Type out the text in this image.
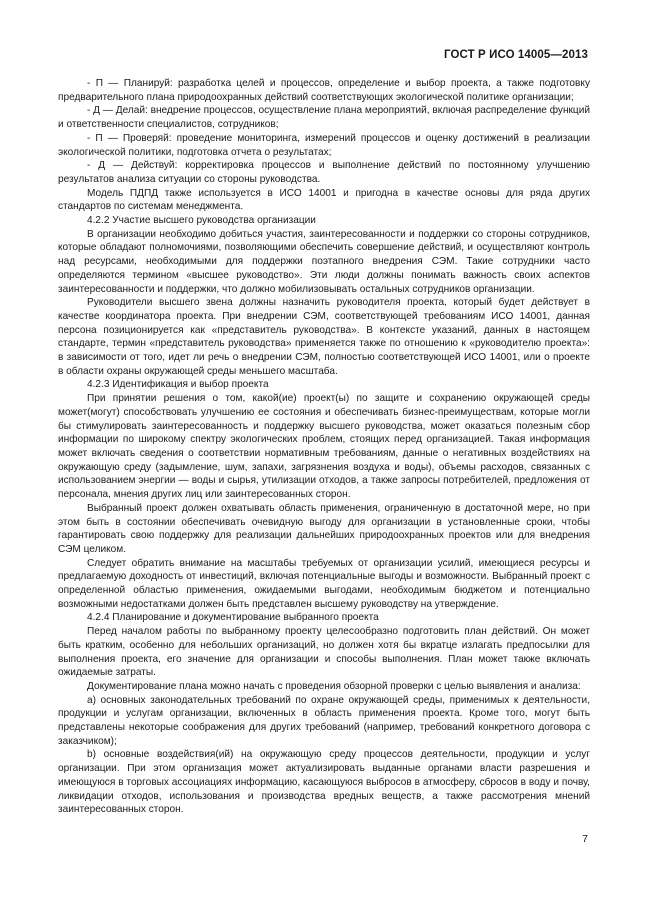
ГОСТ Р ИСО 14005—2013

- П — Планируй: разработка целей и процессов, определение и выбор проекта, а также подготовку предварительного плана природоохранных действий соответствующих экологической политике организации;

- Д — Делай: внедрение процессов, осуществление плана мероприятий, включая распределение функций и ответственности специалистов, сотрудников;

- П — Проверяй: проведение мониторинга, измерений процессов и оценку достижений в реализации экологической политики, подготовка отчета о результатах;

- Д — Действуй: корректировка процессов и выполнение действий по постоянному улучшению результатов анализа ситуации со стороны руководства.

Модель ПДПД также используется в ИСО 14001 и пригодна в качестве основы для ряда других стандартов по системам менеджмента.

4.2.2 Участие высшего руководства организации

В организации необходимо добиться участия, заинтересованности и поддержки со стороны сотрудников, которые обладают полномочиями, позволяющими обеспечить совершение действий, и осуществляют контроль над ресурсами, необходимыми для поддержки поэтапного внедрения СЭМ. Такие сотрудники часто определяются термином «высшее руководство». Эти люди должны понимать важность своих аспектов заинтересованности и поддержки, что должно мобилизовывать остальных сотрудников организации.

Руководители высшего звена должны назначить руководителя проекта, который будет действует в качестве координатора проекта. При внедрении СЭМ, соответствующей требованиям ИСО 14001, данная персона позиционируется как «представитель руководства». В контексте указаний, данных в настоящем стандарте, термин «представитель руководства» применяется также по отношению к «руководителю проекта»: в зависимости от того, идет ли речь о внедрении СЭМ, полностью соответствующей ИСО 14001, или о проекте в области охраны окружающей среды меньшего масштаба.

4.2.3 Идентификация и выбор проекта

При принятии решения о том, какой(ие) проект(ы) по защите и сохранению окружающей среды может(могут) способствовать улучшению ее состояния и обеспечивать бизнес-преимуществам, которые могли бы стимулировать заинтересованность и поддержку высшего руководства, может оказаться полезным сбор информации по широкому спектру экологических проблем, стоящих перед организацией. Такая информация может включать сведения о соответствии нормативным требованиям, данные о негативных воздействиях на окружающую среду (задымление, шум, запахи, загрязнения воздуха и воды), объемы расходов, связанных с использованием энергии — воды и сырья, утилизации отходов, а также запросы потребителей, предложения от персонала, мнения других лиц или заинтересованных сторон.

Выбранный проект должен охватывать область применения, ограниченную в достаточной мере, но при этом быть в состоянии обеспечивать очевидную выгоду для организации в установленные сроки, чтобы гарантировать свою поддержку для реализации дальнейших природоохранных проектов или для внедрения СЭМ целиком.

Следует обратить внимание на масштабы требуемых от организации усилий, имеющиеся ресурсы и предлагаемую доходность от инвестиций, включая потенциальные выгоды и возможности. Выбранный проект с определенной областью применения, ожидаемыми выгодами, необходимым бюджетом и потенциально возможными недостатками должен быть представлен высшему руководству на утверждение.

4.2.4 Планирование и документирование выбранного проекта

Перед началом работы по выбранному проекту целесообразно подготовить план действий. Он может быть кратким, особенно для небольших организаций, но должен хотя бы вкратце излагать предпосылки для выполнения проекта, его значение для организации и способы выполнения. План может также включать ожидаемые затраты.

Документирование плана можно начать с проведения обзорной проверки с целью выявления и анализа:

a) основных законодательных требований по охране окружающей среды, применимых к деятельности, продукции и услугам организации, включенных в область применения проекта. Кроме того, могут быть представлены некоторые соображения для других требований (например, требований конкретного договора с заказчиком);

b) основные воздействия(ий) на окружающую среду процессов деятельности, продукции и услуг организации. При этом организация может актуализировать выданные органами власти разрешения и имеющуюся в торговых ассоциациях информацию, касающуюся выбросов в атмосферу, сбросов в воду и почву, ликвидации отходов, использования и производства вредных веществ, а также рассмотрения мнений заинтересованных сторон.

7
